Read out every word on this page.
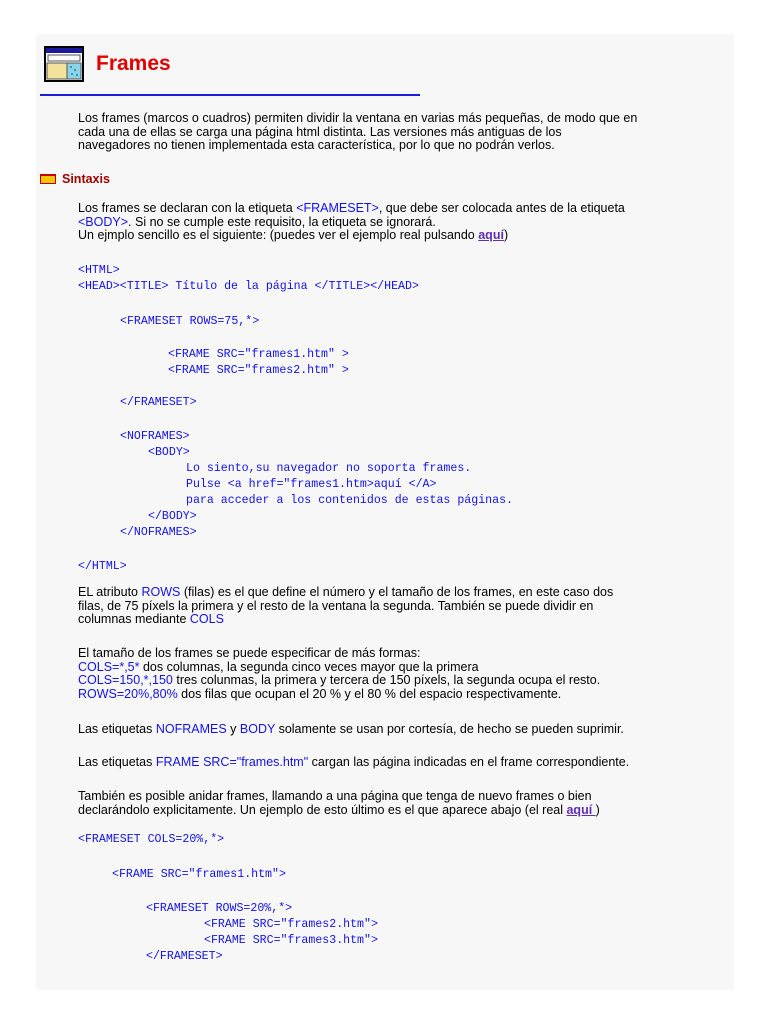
Frames
Los frames (marcos o cuadros) permiten dividir la ventana en varias más pequeñas, de modo que en
cada una de ellas se carga una página html distinta. Las versiones más antiguas de los
navegadores no tienen implementada esta característica, por lo que no podrán verlos.
Sintaxis
Los frames se declaran con la etiqueta <FRAMESET>, que debe ser colocada antes de la etiqueta
<BODY>. Si no se cumple este requisito, la etiqueta se ignorará.
Un ejmplo sencillo es el siguiente: (puedes ver el ejemplo real pulsando aquí)
<HTML>
<HEAD><TITLE> Título de la página </TITLE></HEAD>
<FRAMESET ROWS=75,*>
<FRAME SRC="frames1.htm" >
<FRAME SRC="frames2.htm" >
</FRAMESET>
<NOFRAMES>
<BODY>
Lo siento,su navegador no soporta frames.
Pulse <a href="frames1.htm>aquí </A>
para acceder a los contenidos de estas páginas.
</BODY>
</NOFRAMES>
</HTML>
EL atributo ROWS (filas) es el que define el número y el tamaño de los frames, en este caso dos
filas, de 75 píxels la primera y el resto de la ventana la segunda. También se puede dividir en
columnas mediante COLS
El tamaño de los frames se puede especificar de más formas:
COLS=*,5* dos columnas, la segunda cinco veces mayor que la primera
COLS=150,*,150 tres colunmas, la primera y tercera de 150 píxels, la segunda ocupa el resto.
ROWS=20%,80% dos filas que ocupan el 20 % y el 80 % del espacio respectivamente.
Las etiquetas NOFRAMES y BODY solamente se usan por cortesía, de hecho se pueden suprimir.
Las etiquetas FRAME SRC="frames.htm" cargan las página indicadas en el frame correspondiente.
También es posible anidar frames, llamando a una página que tenga de nuevo frames o bien
declarándolo explicitamente. Un ejemplo de esto último es el que aparece abajo (el real aquí )
<FRAMESET COLS=20%,*>
<FRAME SRC="frames1.htm">
<FRAMESET ROWS=20%,*>
<FRAME SRC="frames2.htm">
<FRAME SRC="frames3.htm">
</FRAMESET>
